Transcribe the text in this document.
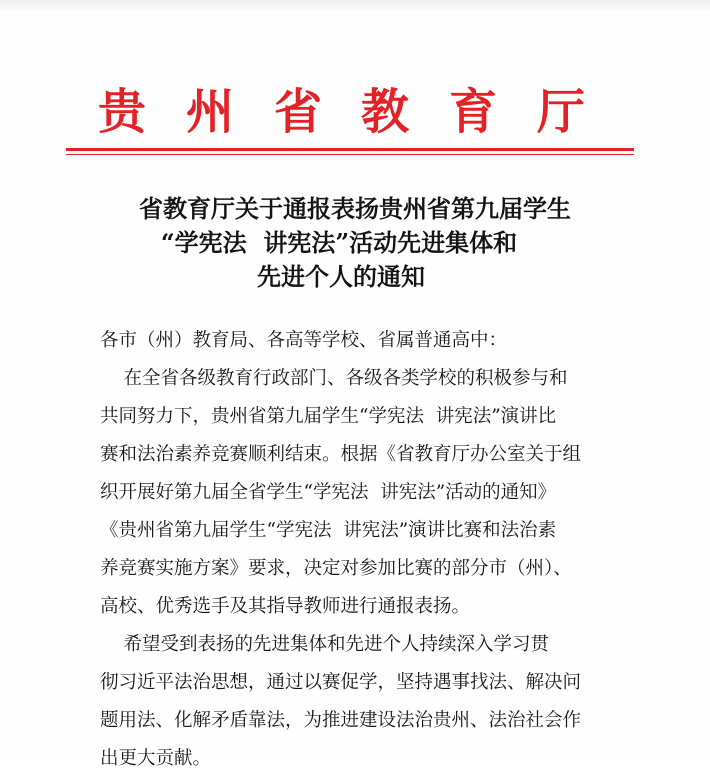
贵 州 省 教 育 厅
省教育厅关于通报表扬贵州省第九届学生
“学宪法  讲宪法”活动先进集体和
先进个人的通知
各市（州）教育局、各高等学校、省属普通高中：
在全省各级教育行政部门、各级各类学校的积极参与和
共同努力下，贵州省第九届学生“学宪法  讲宪法”演讲比
赛和法治素养竞赛顺利结束。根据《省教育厅办公室关于组
织开展好第九届全省学生“学宪法  讲宪法”活动的通知》
《贵州省第九届学生“学宪法  讲宪法”演讲比赛和法治素
养竞赛实施方案》要求，决定对参加比赛的部分市（州）、
高校、优秀选手及其指导教师进行通报表扬。
希望受到表扬的先进集体和先进个人持续深入学习贯
彻习近平法治思想，通过以赛促学，坚持遇事找法、解决问
题用法、化解矛盾靠法，为推进建设法治贵州、法治社会作
出更大贡献。
